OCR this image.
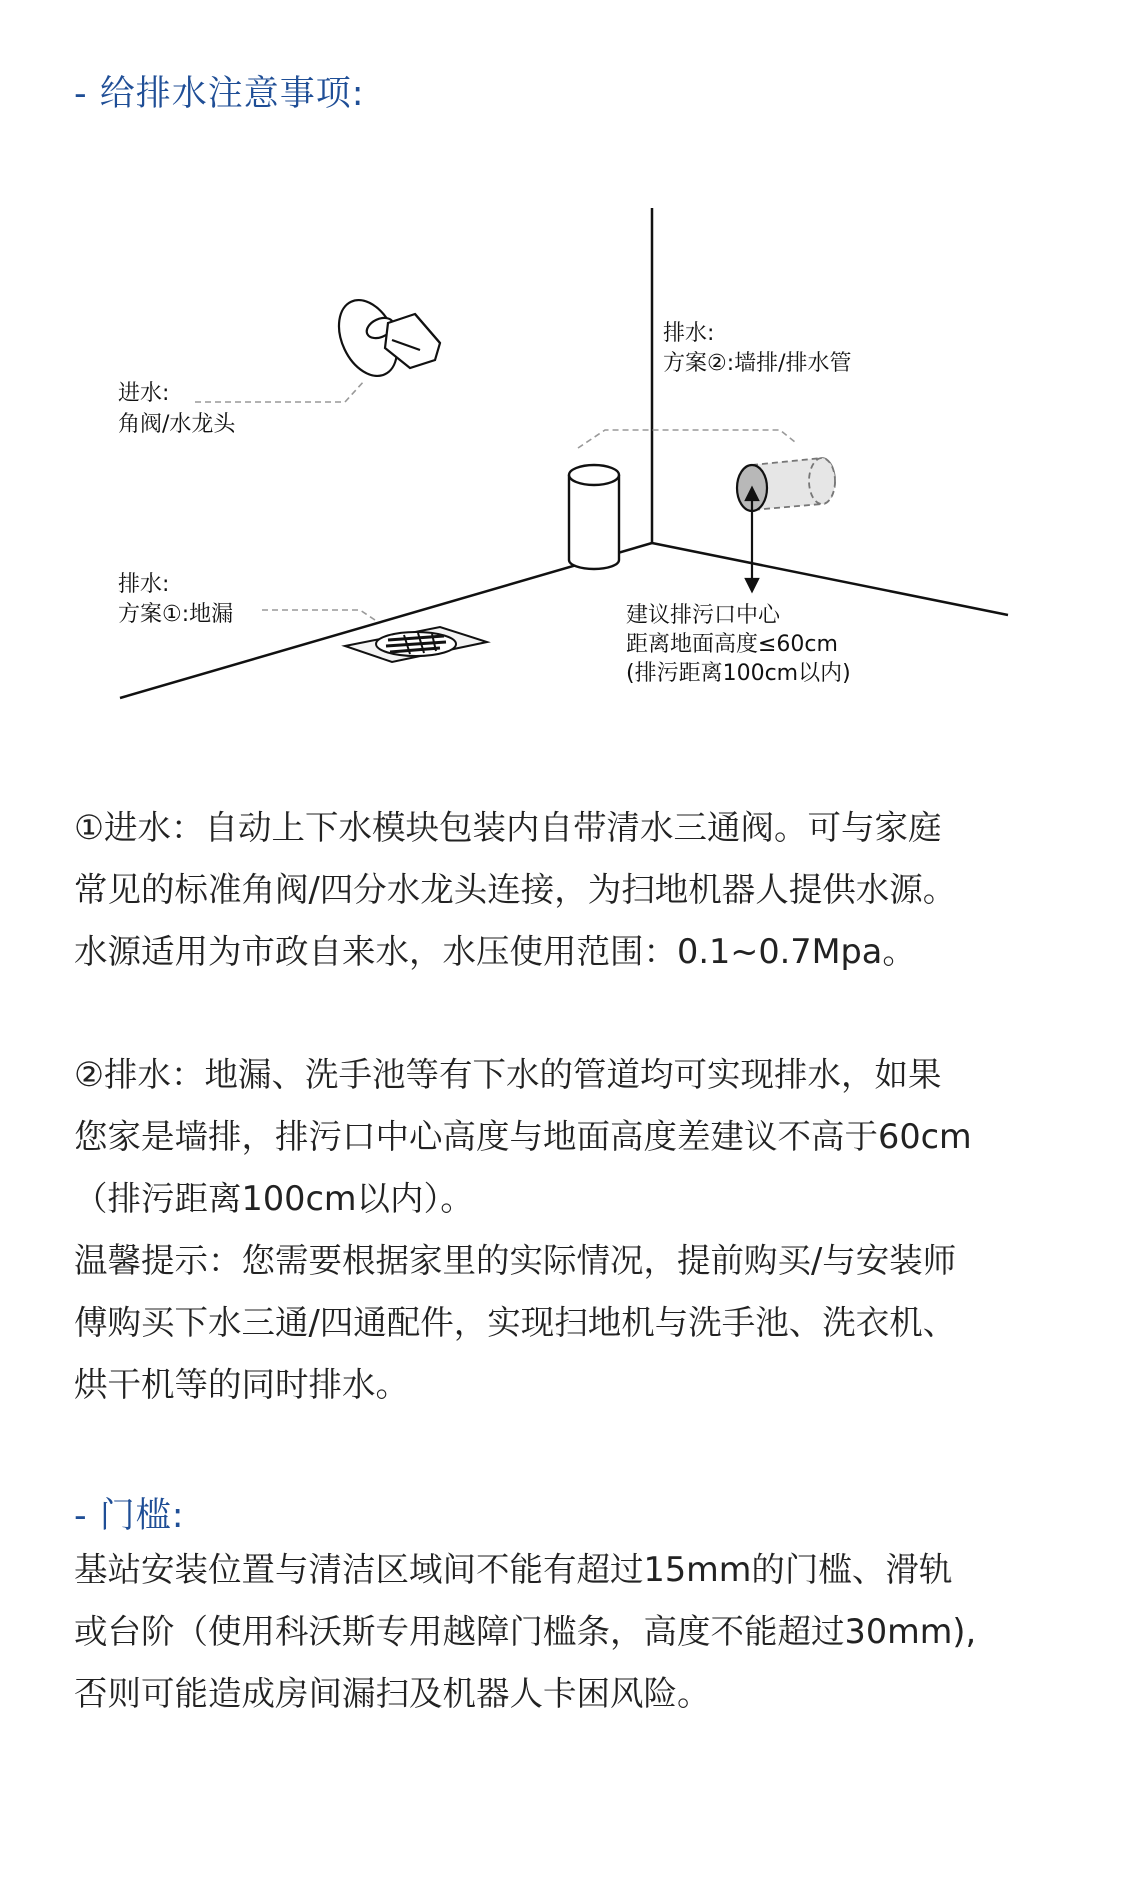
- 给排水注意事项:
进水:
角阀/水龙头
排水:
方案②:墙排/排水管
排水:
方案①:地漏	建议排污口中心
距离地面高度≤60cm
(排污距离100cm以内)
①进水：自动上下水模块包装内自带清水三通阀。可与家庭
常见的标准角阀/四分水龙头连接，为扫地机器人提供水源。
水源适用为市政自来水，水压使用范围：0.1~0.7Mpa。
②排水：地漏、洗手池等有下水的管道均可实现排水，如果
您家是墙排，排污口中心高度与地面高度差建议不高于60cm
（排污距离100cm以内）。
温馨提示：您需要根据家里的实际情况，提前购买/与安装师
傅购买下水三通/四通配件，实现扫地机与洗手池、洗衣机、
烘干机等的同时排水。
- 门槛:
基站安装位置与清洁区域间不能有超过15mm的门槛、滑轨
或台阶（使用科沃斯专用越障门槛条，高度不能超过30mm),
否则可能造成房间漏扫及机器人卡困风险。
